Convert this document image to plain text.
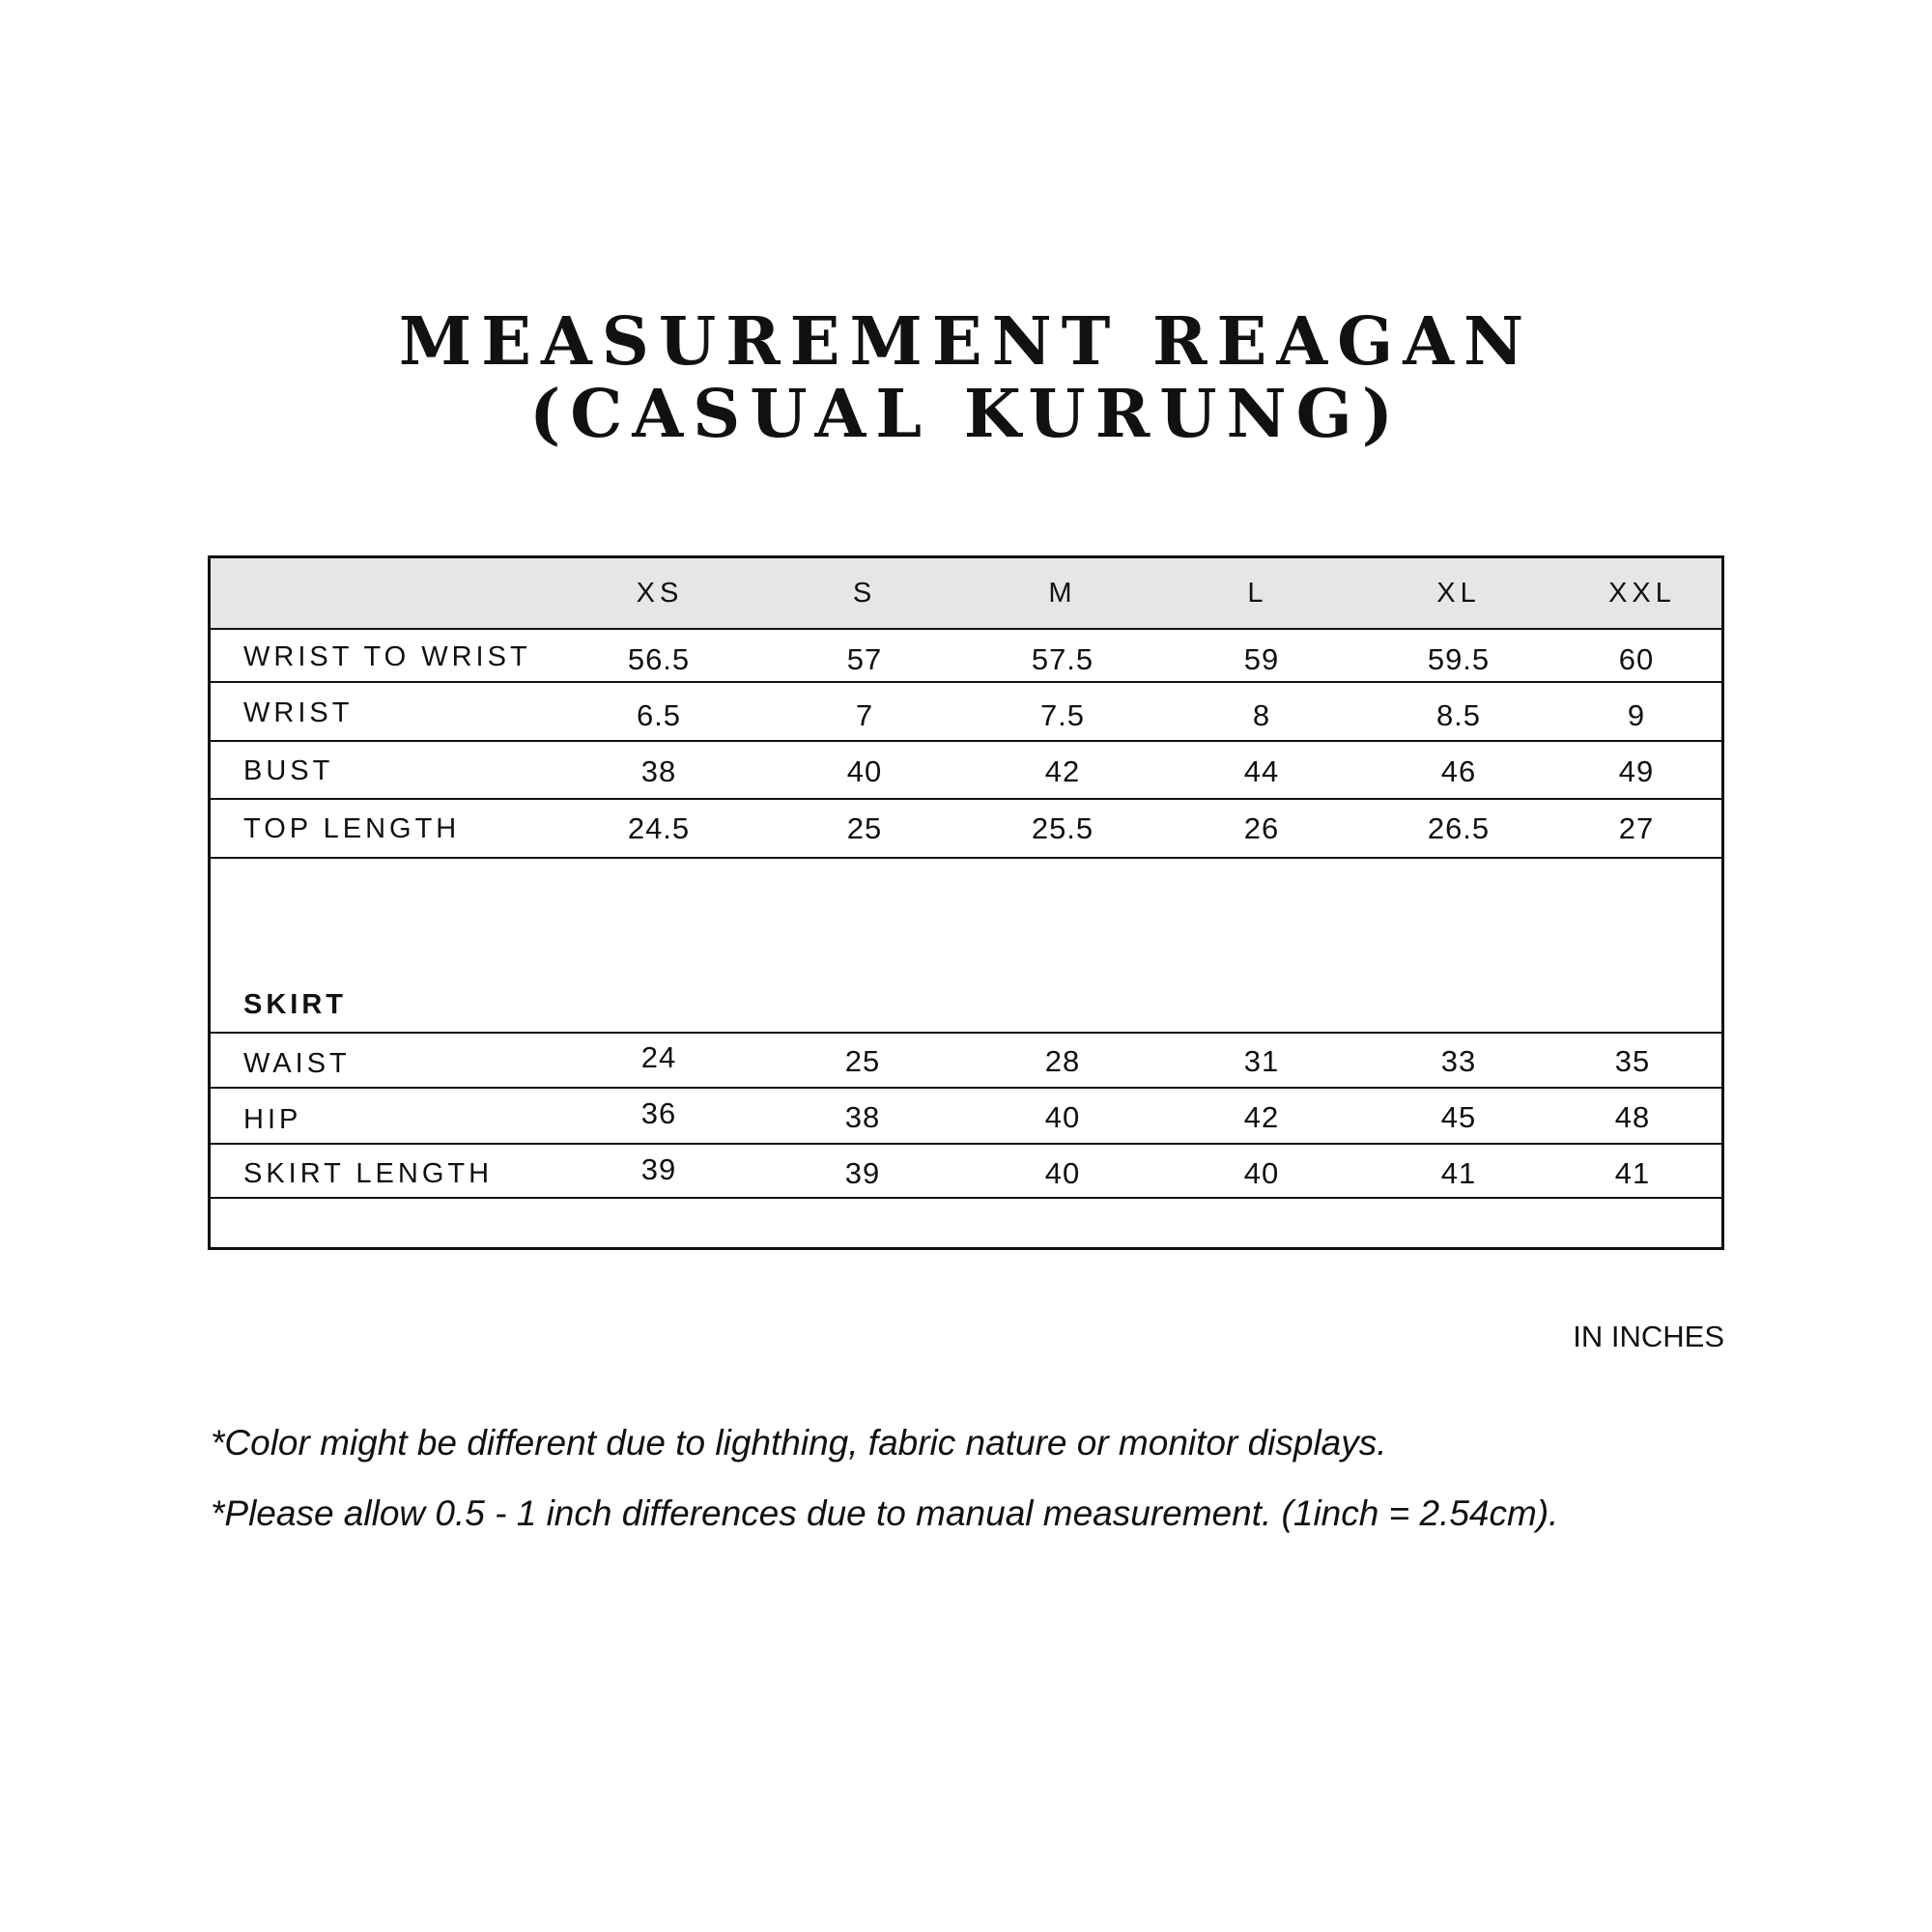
MEASUREMENT REAGAN
(CASUAL KURUNG)
XS	S	M	L	XL	XXL
WRIST TO WRIST	56.5	57	57.5	59	59.5	60
WRIST	6.5	7	7.5	8	8.5	9
BUST	38	40	42	44	46	49
TOP LENGTH	24.5	25	25.5	26	26.5	27
SKIRT
WAIST	24	25	28	31	33	35
HIP	36	38	40	42	45	48
SKIRT LENGTH	39	39	40	40	41	41
IN INCHES
*Color might be different due to lighthing, fabric nature or monitor displays.
*Please allow 0.5 - 1 inch differences due to manual measurement. (1inch = 2.54cm).
